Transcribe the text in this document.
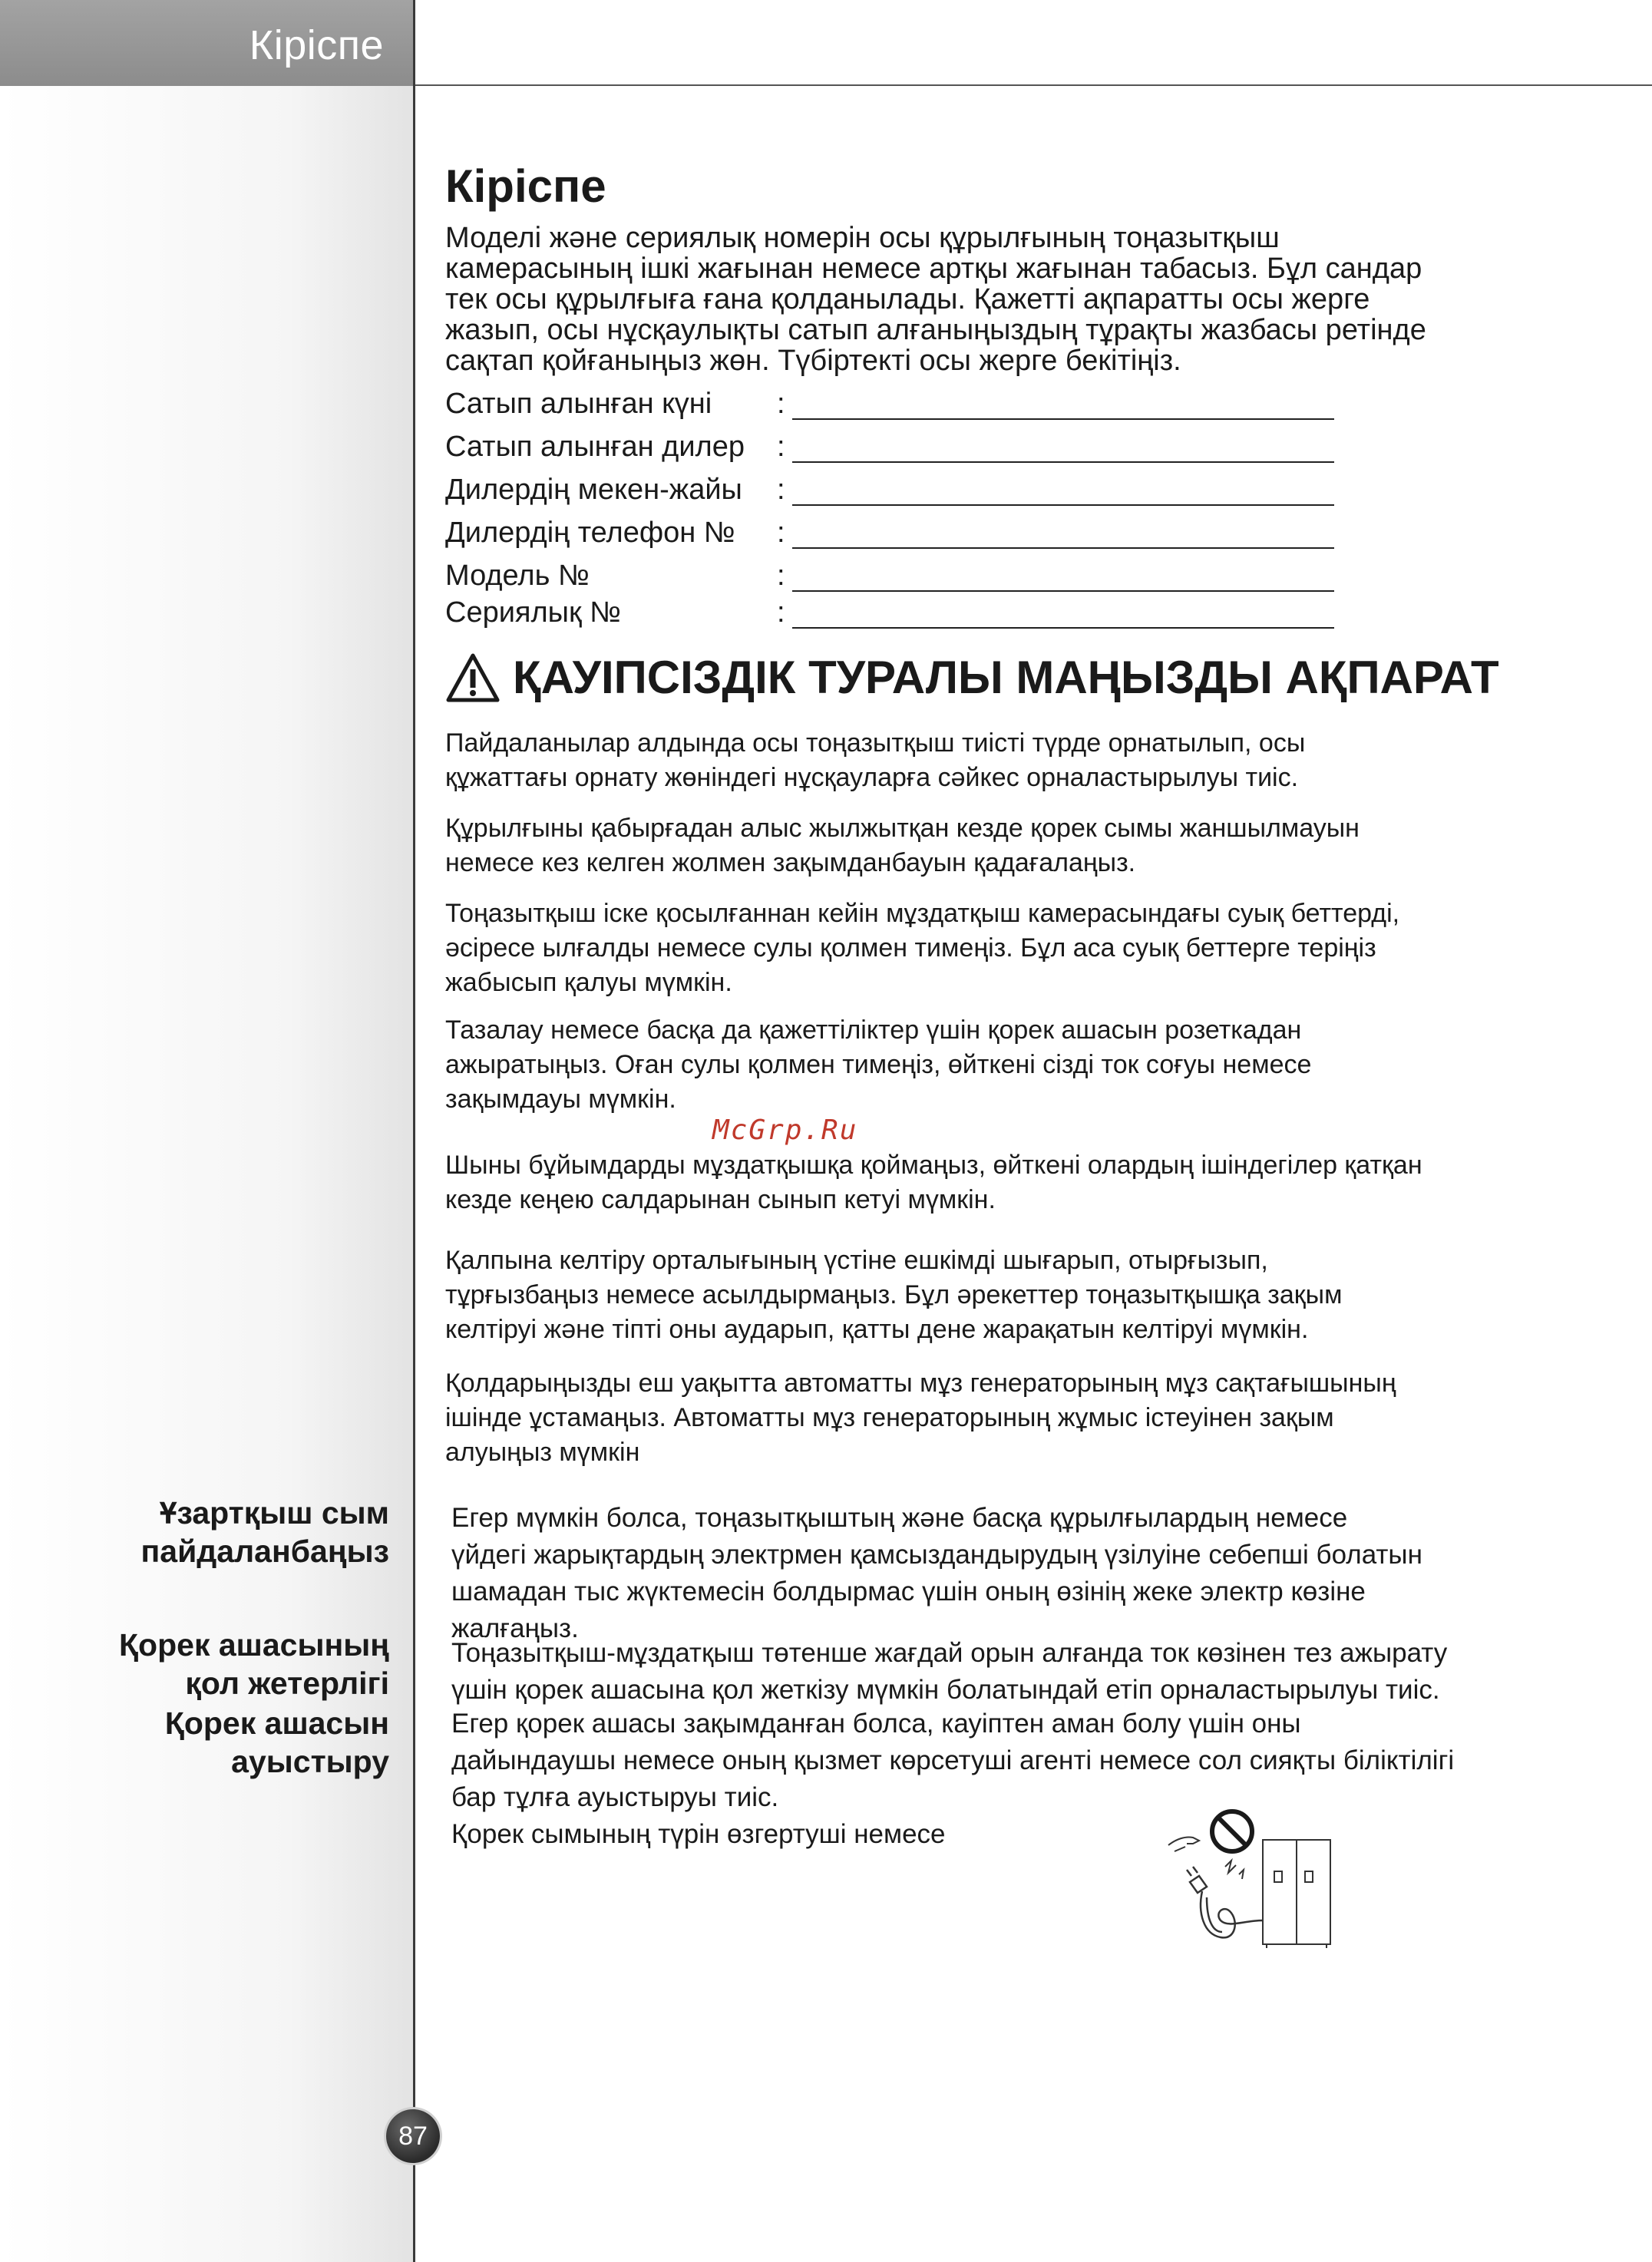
Кіріспе
Кіріспе

Моделі және сериялық номерін осы құрылғының тоңазытқыш
камерасының ішкі жағынан немесе артқы жағынан табасыз. Бұл сандар
тек осы құрылғыға ғана қолданылады. Қажетті ақпаратты осы жерге
жазып, осы нұсқаулықты сатып алғаныңыздың тұрақты жазбасы ретінде
сақтап қойғаныңыз жөн. Түбіртекті осы жерге бекітіңіз.

Сатып алынған күні :
Сатып алынған дилер :
Дилердің мекен-жайы :
Дилердің телефон № :
Модель №	:
Сериялық №	:
ҚАУІПСІЗДІК ТУРАЛЫ МАҢЫЗДЫ АҚПАРАТ

Пайдаланылар алдында осы тоңазытқыш тиісті түрде орнатылып, осы
құжаттағы орнату жөніндегі нұсқауларға сәйкес орналастырылуы тиіс.

Құрылғыны қабырғадан алыс жылжытқан кезде қорек сымы жаншылмауын
немесе кез келген жолмен зақымданбауын қадағалаңыз.

Тоңазытқыш іске қосылғаннан кейін мұздатқыш камерасындағы суық беттерді,
әсіресе ылғалды немесе сулы қолмен тимеңіз. Бұл аса суық беттерге теріңіз
жабысып қалуы мүмкін.

Тазалау немесе басқа да қажеттіліктер үшін қорек ашасын розеткадан
ажыратыңыз. Оған сулы қолмен тимеңіз, өйткені сізді ток соғуы немесе
зақымдауы мүмкін.

McGrp.Ru

Шыны бұйымдарды мұздатқышқа қоймаңыз, өйткені олардың ішіндегілер қатқан
кезде кеңею салдарынан сынып кетуі мүмкін.

Қалпына келтіру орталығының үстіне ешкімді шығарып, отырғызып,
тұрғызбаңыз немесе асылдырмаңыз. Бұл әрекеттер тоңазытқышқа зақым
келтіруі және тіпті оны аударып, қатты дене жарақатын келтіруі мүмкін.

Қолдарыңызды еш уақытта автоматты мұз генераторының мұз сақтағышының
ішінде ұстамаңыз. Автоматты мұз генераторының жұмыс істеуінен зақым
алуыңыз мүмкін

Ұзартқыш сым
пайдаланбаңыз
Қорек ашасының
қол жетерлігі
Қорек ашасын
ауыстыру

Егер мүмкін болса, тоңазытқыштың және басқа құрылғылардың немесе
үйдегі жарықтардың электрмен қамсыздандырудың үзілуіне себепші болатын
шамадан тыс жүктемесін болдырмас үшін оның өзінің жеке электр көзіне
жалғаңыз.

Тоңазытқыш-мұздатқыш төтенше жағдай орын алғанда ток көзінен тез ажырату
үшін қорек ашасына қол жеткізу мүмкін болатындай етіп орналастырылуы тиіс.

Егер қорек ашасы зақымданған болса, кауіптен аман болу үшін оны
дайындаушы немесе оның қызмет көрсетуші агенті немесе сол сияқты біліктілігі
бар тұлға ауыстыруы тиіс.
Қорек сымының түрін өзгертуші немесе

87
